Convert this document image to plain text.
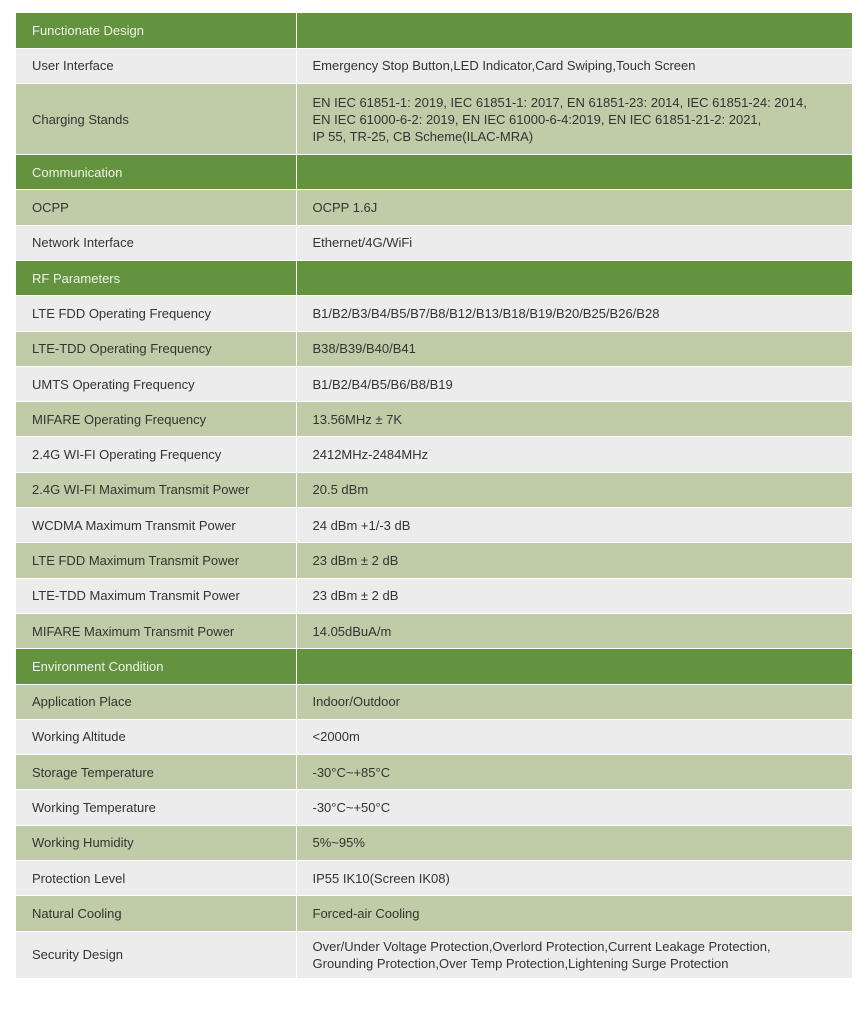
Functionate Design	
User Interface	Emergency Stop Button,LED Indicator,Card Swiping,Touch Screen
Charging Stands	EN IEC 61851-1: 2019, IEC 61851-1: 2017, EN 61851-23: 2014, IEC 61851-24: 2014,
EN IEC 61000-6-2: 2019, EN IEC 61000-6-4:2019, EN IEC 61851-21-2: 2021,
IP 55, TR-25, CB Scheme(ILAC-MRA)

Communication	
OCPP	OCPP 1.6J
Network Interface	Ethernet/4G/WiFi
RF Parameters	
LTE FDD Operating Frequency	B1/B2/B3/B4/B5/B7/B8/B12/B13/B18/B19/B20/B25/B26/B28
LTE-TDD Operating Frequency	B38/B39/B40/B41
UMTS Operating Frequency	B1/B2/B4/B5/B6/B8/B19
MIFARE Operating Frequency	13.56MHz ± 7K
2.4G WI-FI Operating Frequency	2412MHz-2484MHz
2.4G WI-FI Maximum Transmit Power	20.5 dBm
WCDMA Maximum Transmit Power	24 dBm +1/-3 dB
LTE FDD Maximum Transmit Power	23 dBm ± 2 dB
LTE-TDD Maximum Transmit Power	23 dBm ± 2 dB
MIFARE Maximum Transmit Power	14.05dBuA/m
Environment Condition	
Application Place	Indoor/Outdoor
Working Altitude	<2000m
Storage Temperature	-30°C~+85°C
Working Temperature	-30°C~+50°C
Working Humidity	5%~95%
Protection Level	IP55 IK10(Screen IK08)
Natural Cooling	Forced-air Cooling
Security Design	Over/Under Voltage Protection,Overlord Protection,Current Leakage Protection,
Grounding Protection,Over Temp Protection,Lightening Surge Protection
